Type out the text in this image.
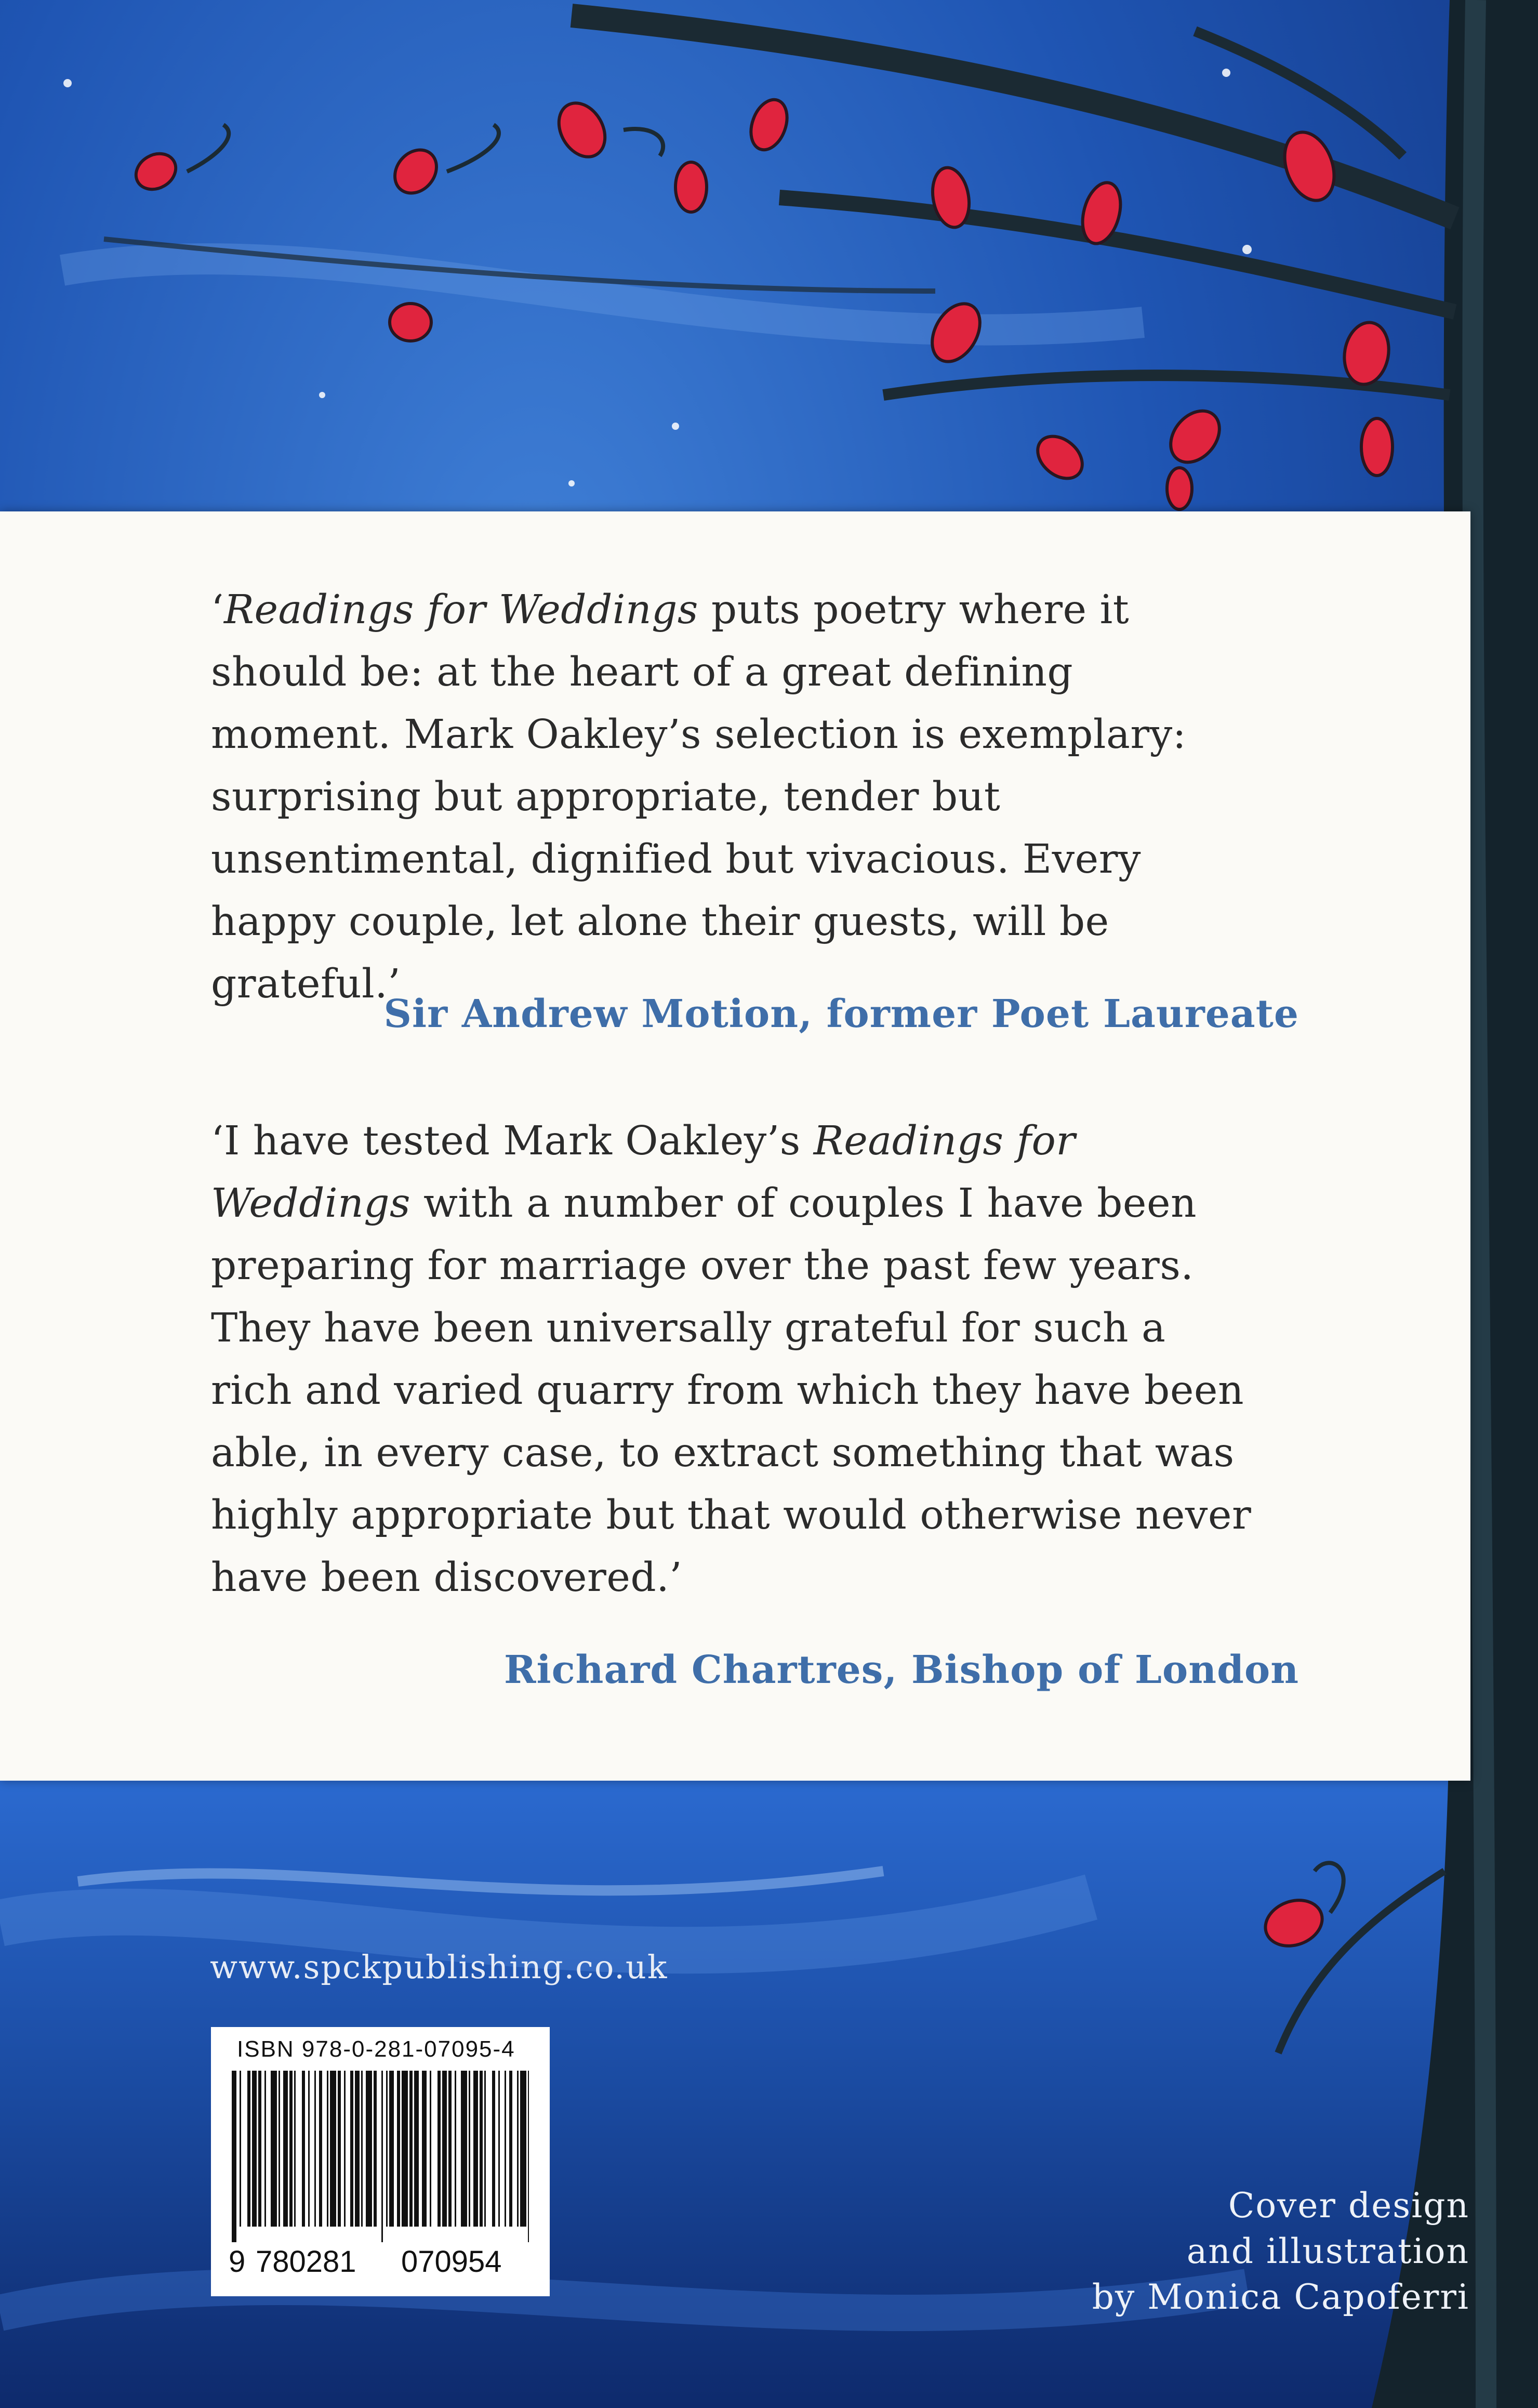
‘Readings for Weddings puts poetry where it should be: at the heart of a great defining moment. Mark Oakley’s selection is exemplary: surprising but appropriate, tender but unsentimental, dignified but vivacious. Every happy couple, let alone their guests, will be grateful.’
Sir Andrew Motion, former Poet Laureate
‘I have tested Mark Oakley’s Readings for Weddings with a number of couples I have been preparing for marriage over the past few years. They have been universally grateful for such a rich and varied quarry from which they have been able, in every case, to extract something that was highly appropriate but that would otherwise never have been discovered.’
Richard Chartres, Bishop of London
www.spckpublishing.co.uk
ISBN 978-0-281-07095-4
9 780281 070954
Cover design
and illustration
by Monica Capoferri
